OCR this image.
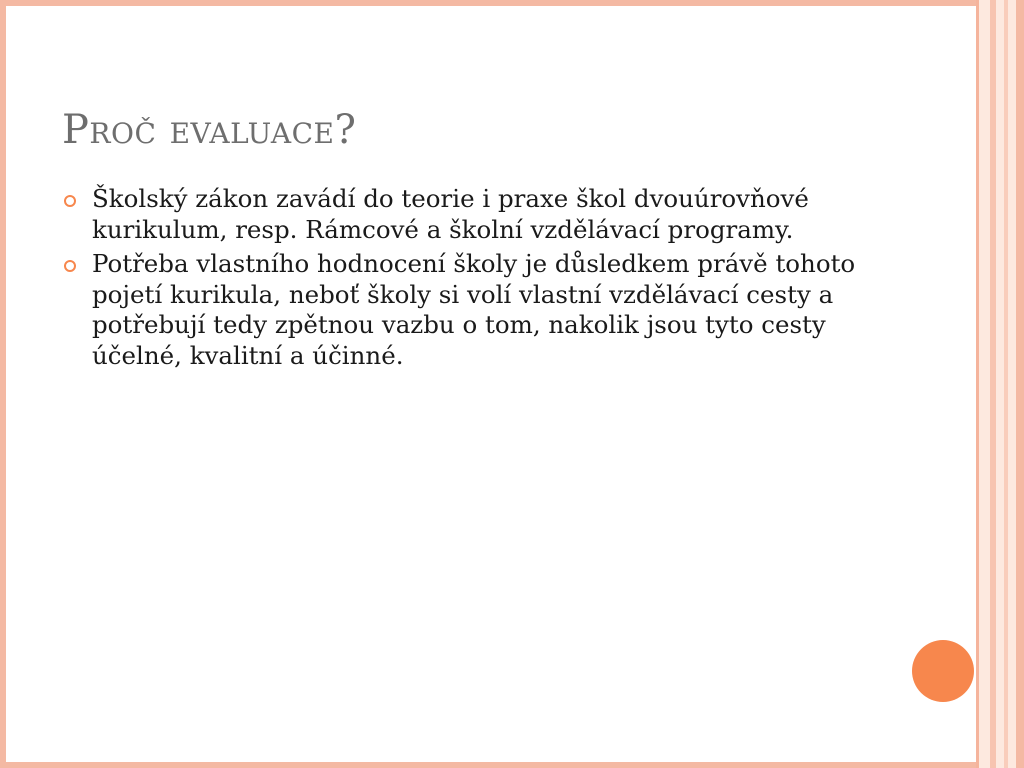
Proč evaluace?
Školský zákon zavádí do teorie i praxe škol dvouúrovňové kurikulum, resp. Rámcové a školní vzdělávací programy.
Potřeba vlastního hodnocení školy je důsledkem právě tohoto pojetí kurikula, neboť školy si volí vlastní vzdělávací cesty a potřebují tedy zpětnou vazbu o tom, nakolik jsou tyto cesty účelné, kvalitní a účinné.
